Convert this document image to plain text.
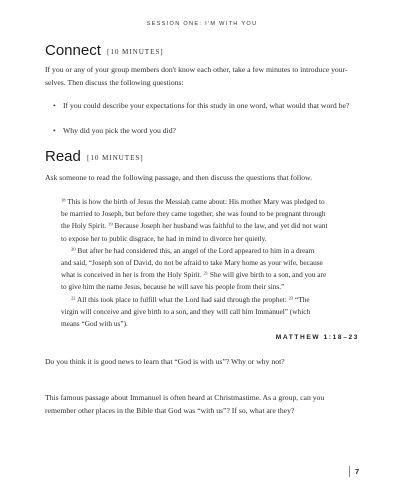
SESSION ONE: I'M WITH YOU
Connect [10 MINUTES]
If you or any of your group members don't know each other, take a few minutes to introduce your-
selves. Then discuss the following questions:
• If you could describe your expectations for this study in one word, what would that word be?
• Why did you pick the word you did?
Read [10 MINUTES]
Ask someone to read the following passage, and then discuss the questions that follow.
$^{18}$ This is how the birth of Jesus the Messiah came about: His mother Mary was pledged to
be married to Joseph, but before they came together, she was found to be pregnant through
the Holy Spirit. $^{19}$ Because Joseph her husband was faithful to the law, and yet did not want
to expose her to public disgrace, he had in mind to divorce her quietly.
$^{20}$ But after he had considered this, an angel of the Lord appeared to him in a dream
and said, “Joseph son of David, do not be afraid to take Mary home as your wife, because
what is conceived in her is from the Holy Spirit. $^{21}$ She will give birth to a son, and you are
to give him the name Jesus, because he will save his people from their sins.”
$^{22}$ All this took place to fulfill what the Lord had said through the prophet: $^{23}$ “The
virgin will conceive and give birth to a son, and they will call him Immanuel” (which
means “God with us”).
MATTHEW 1:18–23
Do you think it is good news to learn that “God is with us”? Why or why not?
This famous passage about Immanuel is often heard at Christmastime. As a group, can you
remember other places in the Bible that God was “with us”? If so, what are they?
7
